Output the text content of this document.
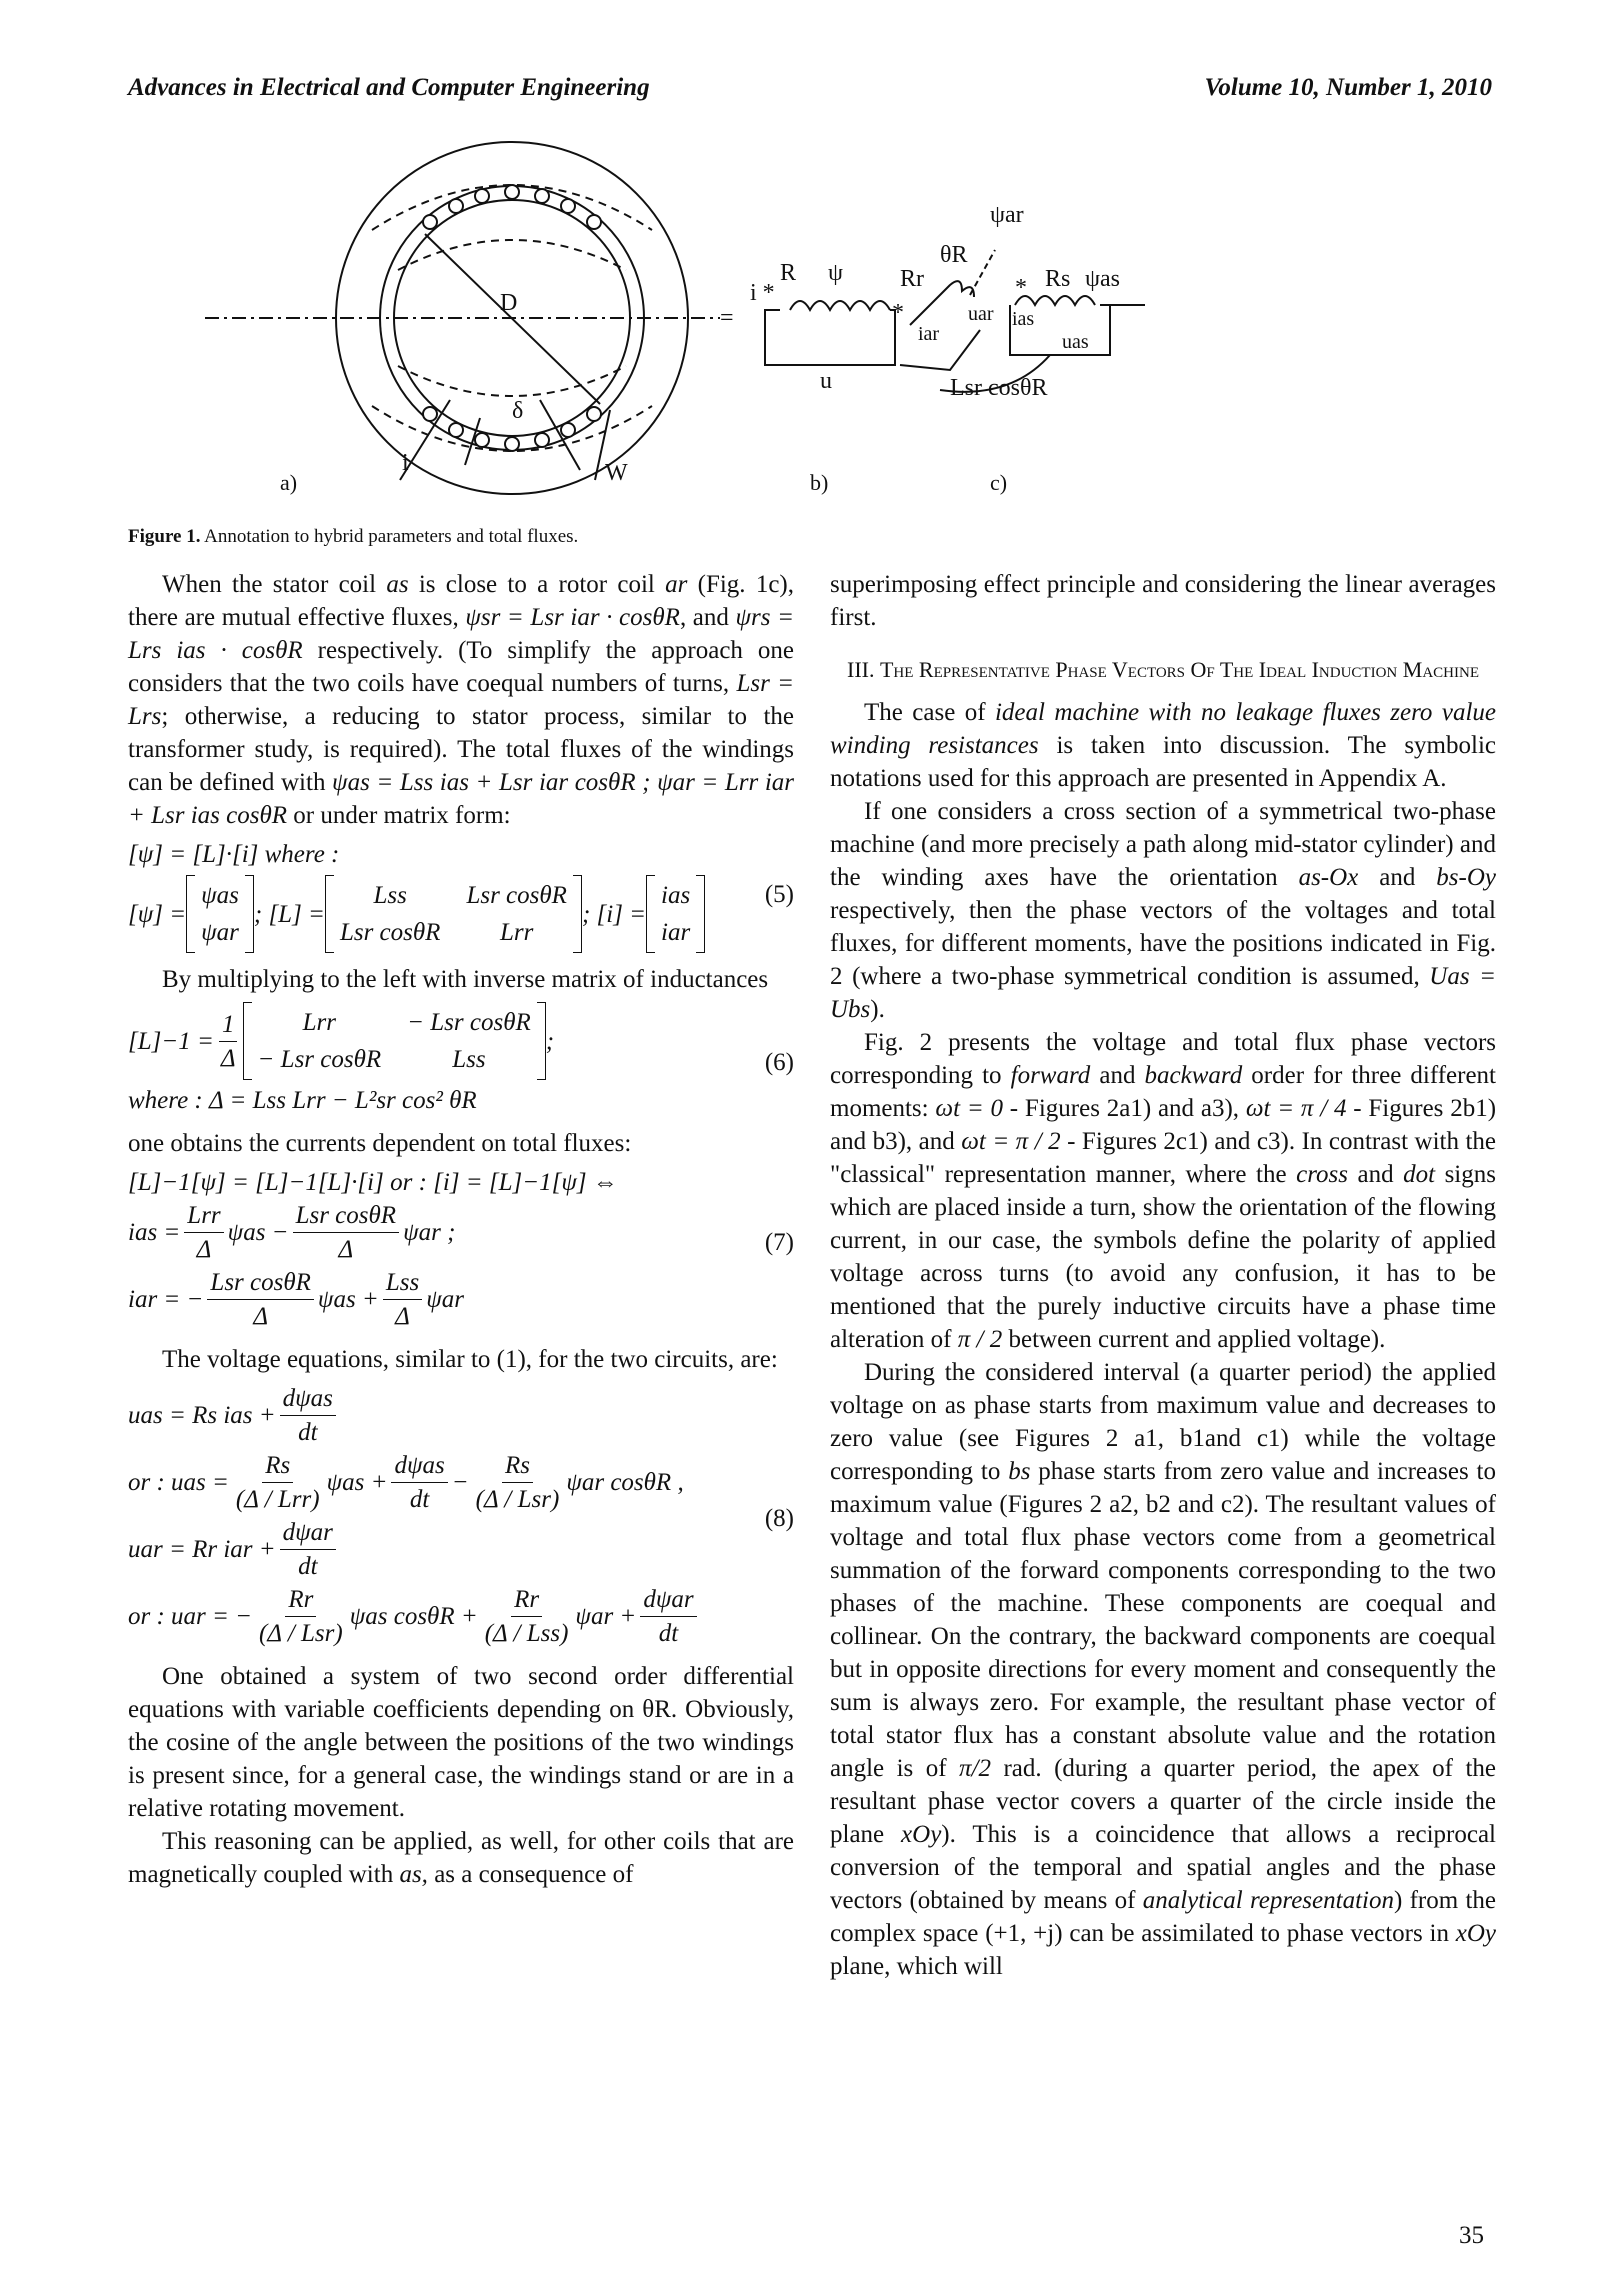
Advances in Electrical and Computer Engineering	Volume 10, Number 1, 2010
D
δ
i	W
=
a)
R ψ
i *
u
b)
ψar
θR
Rr	* Rs ψas
*
iar
uar ias
uas
Lsr cosθR
c)
Figure 1. Annotation to hybrid parameters and total fluxes.

When the stator coil as is close to a rotor coil ar (Fig. 1c), there are mutual effective fluxes, ψsr = Lsr iar · cosθR, and ψrs = Lrs ias · cosθR respectively. (To simplify the approach one considers that the two coils have coequal numbers of turns, Lsr = Lrs; otherwise, a reducing to stator process, similar to the transformer study, is required). The total fluxes of the windings can be defined with ψas = Lss ias + Lsr iar cosθR ; ψar = Lrr iar + Lsr ias cosθR or under matrix form:

[ψ] = [L]·[i] where :
[ψ] =
ψas
ψar
; [L] =
Lss	Lsr cosθR
Lsr cosθR	Lrr
; [i] =
ias
iar
(5)

By multiplying to the left with inverse matrix of inductances

$[L]-1 = \frac{1}{\Delta}$	Lrr	− Lsr cosθR
− Lsr cosθR	Lss
;
where : Δ = Lss Lrr − L²sr cos² θR
(6)

one obtains the currents dependent on total fluxes:

[L]−1[ψ] = [L]−1[L]·[i] or : [i] = [L]−1[ψ] ⇔
ias = $\frac{\text{Lrr}}{\Delta}$ $\psi as - \frac{\text{Lsr cosθR}}{\Delta}$ ψar ;
iar = − $\frac{\text{Lsr cosθR}}{\Delta}$ $\psi as + \frac{\text{Lss}}{\Delta}$ ψar
(7)

The voltage equations, similar to (1), for the two circuits, are:

uas = Rs ias + $\frac{\text{dψas}}{dt}$
or : uas = $\frac{Rs}{\text{(Δ / Lrr)}}$ $\psi as + \frac{\text{dψas}}{dt} - \frac{Rs}{\text{(Δ / Lsr)}}$ ψar cosθR ,
uar = Rr iar + $\frac{\text{dψar}}{dt}$
or : uar = − $\frac{Rr}{\text{(Δ / Lsr)}}$ ψas $\cos\theta R + \frac{Rr}{\text{(Δ / Lss)}}$ $\psi ar + \frac{\text{dψar}}{dt}$
(8)

One obtained a system of two second order differential equations with variable coefficients depending on θR. Obviously, the cosine of the angle between the positions of the two windings is present since, for a general case, the windings stand or are in a relative rotating movement.

This reasoning can be applied, as well, for other coils that are magnetically coupled with as, as a consequence of

superimposing effect principle and considering the linear averages first.

III. The Representative Phase Vectors Of The Ideal Induction Machine

The case of ideal machine with no leakage fluxes zero value winding resistances is taken into discussion. The symbolic notations used for this approach are presented in Appendix A.

If one considers a cross section of a symmetrical two-phase machine (and more precisely a path along mid-stator cylinder) and the winding axes have the orientation as-Ox and bs-Oy respectively, then the phase vectors of the voltages and total fluxes, for different moments, have the positions indicated in Fig. 2 (where a two-phase symmetrical condition is assumed, Uas = Ubs).

Fig. 2 presents the voltage and total flux phase vectors corresponding to forward and backward order for three different moments: ωt = 0 - Figures 2a1) and a3), ωt = π / 4 - Figures 2b1) and b3), and ωt = π / 2 - Figures 2c1) and c3). In contrast with the "classical" representation manner, where the cross and dot signs which are placed inside a turn, show the orientation of the flowing current, in our case, the symbols define the polarity of applied voltage across turns (to avoid any confusion, it has to be mentioned that the purely inductive circuits have a phase time alteration of π / 2 between current and applied voltage).

During the considered interval (a quarter period) the applied voltage on as phase starts from maximum value and decreases to zero value (see Figures 2 a1, b1and c1) while the voltage corresponding to bs phase starts from zero value and increases to maximum value (Figures 2 a2, b2 and c2). The resultant values of voltage and total flux phase vectors come from a geometrical summation of the forward components corresponding to the two phases of the machine. These components are coequal and collinear. On the contrary, the backward components are coequal but in opposite directions for every moment and consequently the sum is always zero. For example, the resultant phase vector of total stator flux has a constant absolute value and the rotation angle is of π/2 rad. (during a quarter period, the apex of the resultant phase vector covers a quarter of the circle inside the plane xOy). This is a coincidence that allows a reciprocal conversion of the temporal and spatial angles and the phase vectors (obtained by means of analytical representation) from the complex space (+1, +j) can be assimilated to phase vectors in xOy plane, which will

35
